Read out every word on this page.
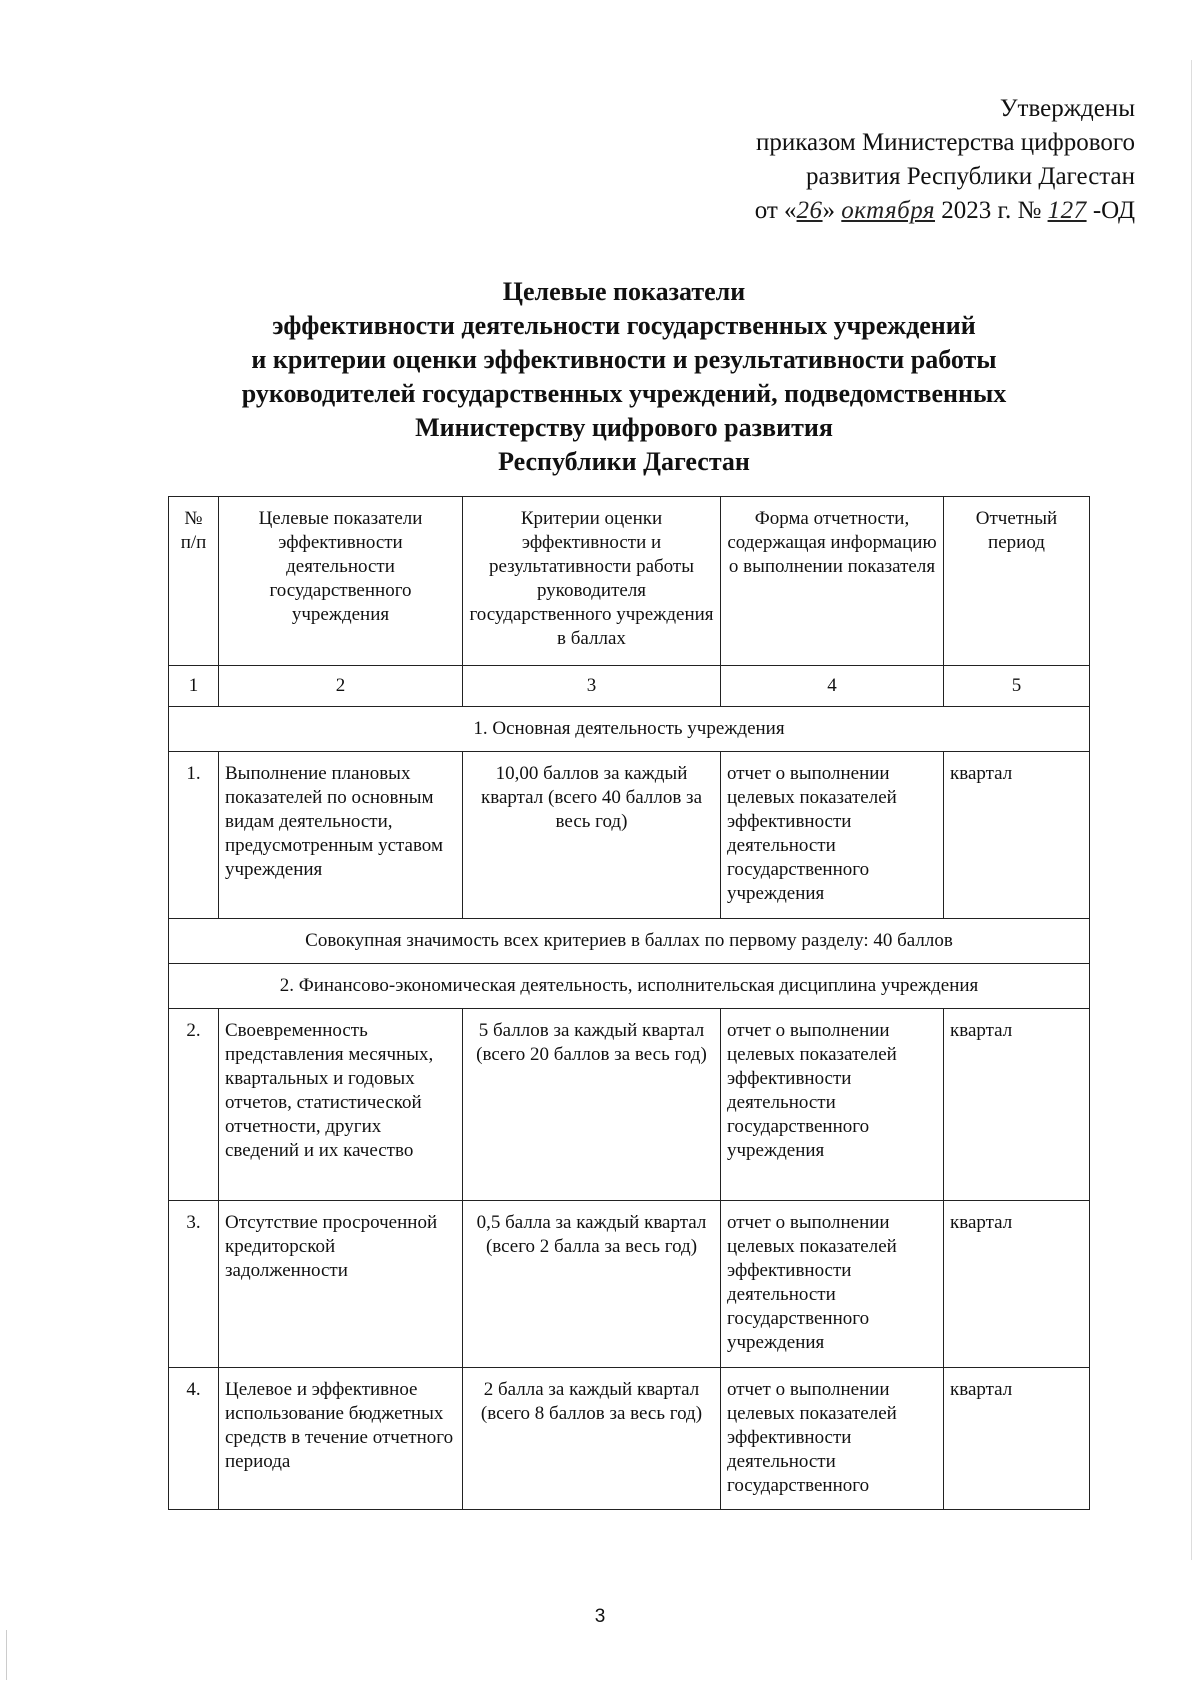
Утверждены
приказом Министерства цифрового
развития Республики Дагестан
от «26» октября 2023 г. № 127 -ОД
Целевые показатели
эффективности деятельности государственных учреждений
и критерии оценки эффективности и результативности работы
руководителей государственных учреждений, подведомственных
Министерству цифрового развития
Республики Дагестан
№ п/п	Целевые показатели эффективности деятельности государственного учреждения	Критерии оценки эффективности и результативности работы руководителя государственного учреждения в баллах	Форма отчетности, содержащая информацию о выполнении показателя	Отчетный период
1	2	3	4	5
1. Основная деятельность учреждения				
1.	Выполнение плановых показателей по основным видам деятельности, предусмотренным уставом учреждения	10,00 баллов за каждый квартал (всего 40 баллов за весь год)	отчет о выполнении целевых показателей эффективности деятельности государственного учреждения	квартал
Совокупная значимость всех критериев в баллах по первому разделу: 40 баллов				
2. Финансово-экономическая деятельность, исполнительская дисциплина учреждения				
2.	Своевременность представления месячных, квартальных и годовых отчетов, статистической отчетности, других сведений и их качество	5 баллов за каждый квартал (всего 20 баллов за весь год)	отчет о выполнении целевых показателей эффективности деятельности государственного учреждения	квартал
3.	Отсутствие просроченной кредиторской задолженности	0,5 балла за каждый квартал (всего 2 балла за весь год)	отчет о выполнении целевых показателей эффективности деятельности государственного учреждения	квартал
4.	Целевое и эффективное использование бюджетных средств в течение отчетного периода	2 балла за каждый квартал (всего 8 баллов за весь год)	отчет о выполнении целевых показателей эффективности деятельности государственного	квартал
3
